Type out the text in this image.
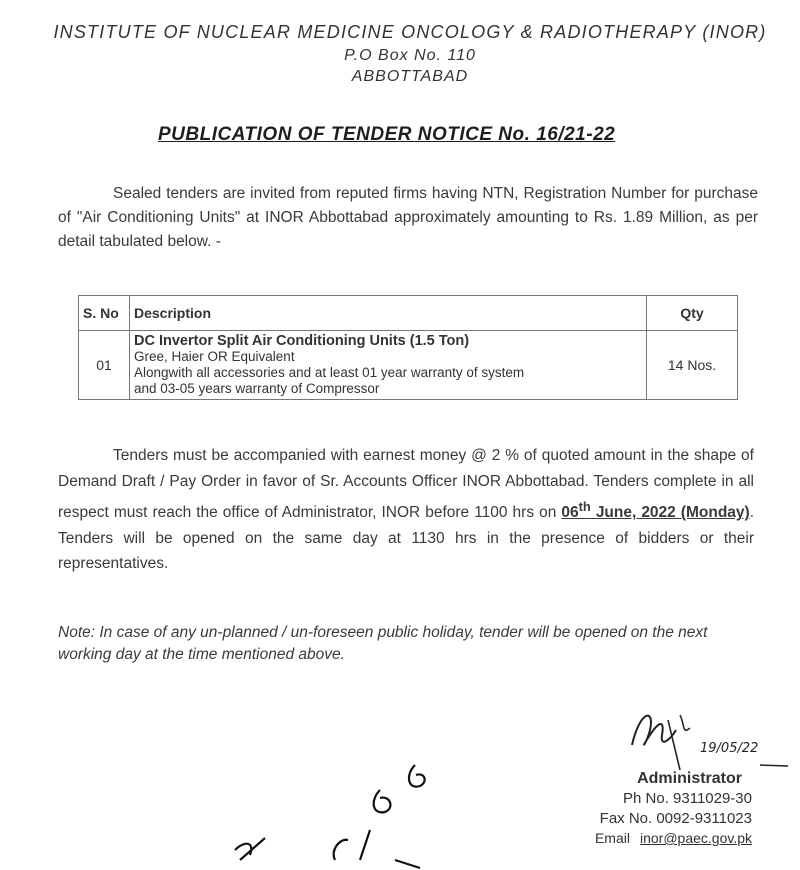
INSTITUTE OF NUCLEAR MEDICINE ONCOLOGY & RADIOTHERAPY (INOR)
P.O Box No. 110
ABBOTTABAD
PUBLICATION OF TENDER NOTICE No. 16/21-22
Sealed tenders are invited from reputed firms having NTN, Registration Number for purchase of "Air Conditioning Units" at INOR Abbottabad approximately amounting to Rs. 1.89 Million, as per detail tabulated below. -
S. No	Description	Qty
01	DC Invertor Split Air Conditioning Units (1.5 Ton)
Gree, Haier OR Equivalent
Alongwith all accessories and at least 01 year warranty of system
and 03-05 years warranty of Compressor	14 Nos.
Tenders must be accompanied with earnest money @ 2 % of quoted amount in the shape of Demand Draft / Pay Order in favor of Sr. Accounts Officer INOR Abbottabad. Tenders complete in all respect must reach the office of Administrator, INOR before 1100 hrs on 06th June, 2022 (Monday). Tenders will be opened on the same day at 1130 hrs in the presence of bidders or their representatives.
Note: In case of any un-planned / un-foreseen public holiday, tender will be opened on the next working day at the time mentioned above.
19/05/22
Administrator
Ph No. 9311029-30
Fax No. 0092-9311023
Email inor@paec.gov.pk
